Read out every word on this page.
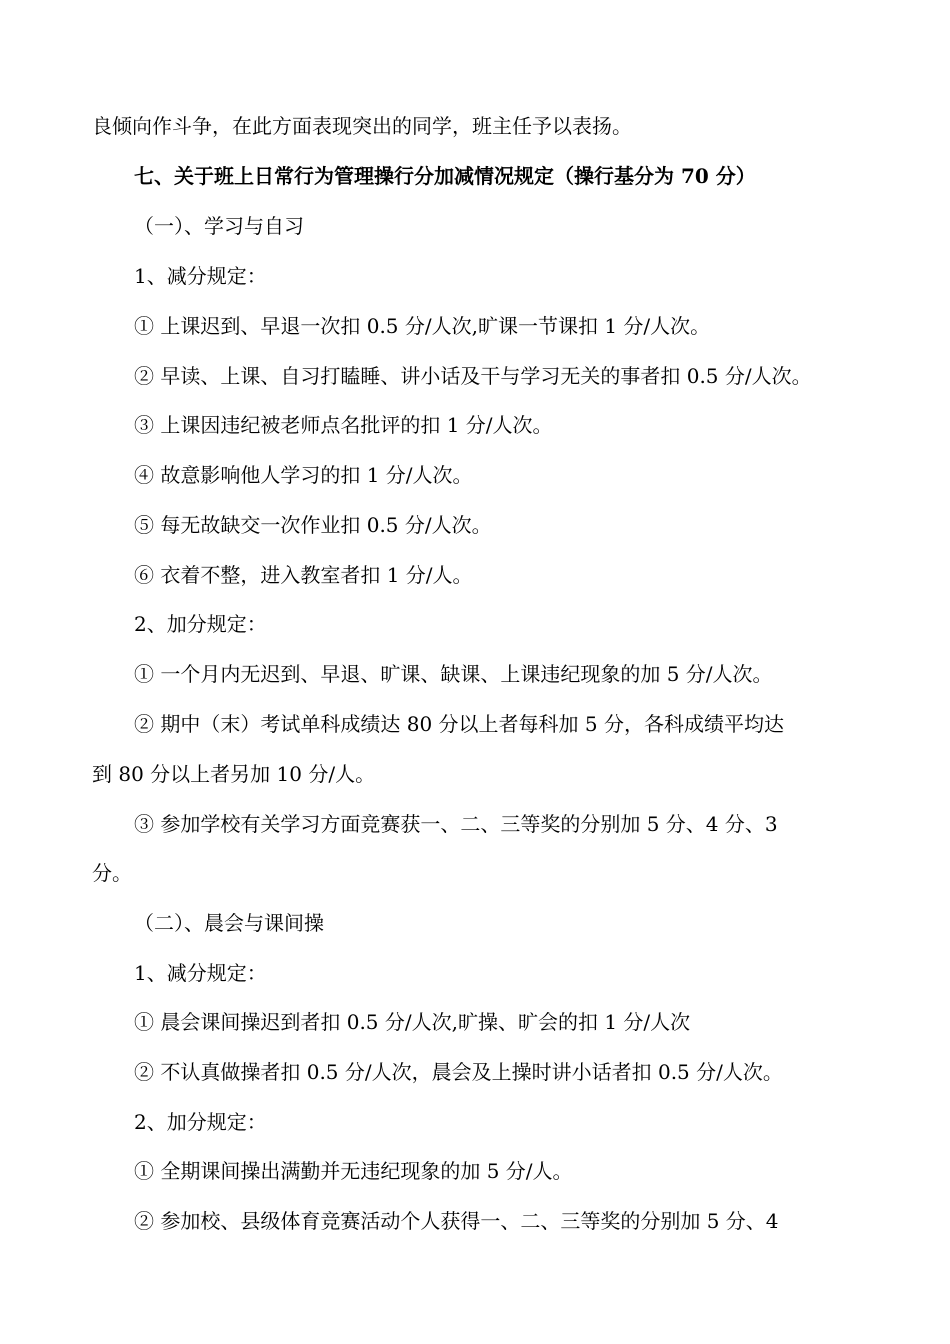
良倾向作斗争，在此方面表现突出的同学，班主任予以表扬。
七、关于班上日常行为管理操行分加减情况规定（操行基分为 70 分）
（一）、学习与自习
1、减分规定：
① 上课迟到、早退一次扣 0.5 分/人次,旷课一节课扣 1 分/人次。
② 早读、上课、自习打瞌睡、讲小话及干与学习无关的事者扣 0.5 分/人次。
③ 上课因违纪被老师点名批评的扣 1 分/人次。
④ 故意影响他人学习的扣 1 分/人次。
⑤ 每无故缺交一次作业扣 0.5 分/人次。
⑥ 衣着不整，进入教室者扣 1 分/人。
2、加分规定：
① 一个月内无迟到、早退、旷课、缺课、上课违纪现象的加 5 分/人次。
② 期中（末）考试单科成绩达 80 分以上者每科加 5 分，各科成绩平均达
到 80 分以上者另加 10 分/人。
③ 参加学校有关学习方面竞赛获一、二、三等奖的分别加 5 分、4 分、3
分。
（二）、晨会与课间操
1、减分规定：
① 晨会课间操迟到者扣 0.5 分/人次,旷操、旷会的扣 1 分/人次
② 不认真做操者扣 0.5 分/人次，晨会及上操时讲小话者扣 0.5 分/人次。
2、加分规定：
① 全期课间操出满勤并无违纪现象的加 5 分/人。
② 参加校、县级体育竞赛活动个人获得一、二、三等奖的分别加 5 分、4
